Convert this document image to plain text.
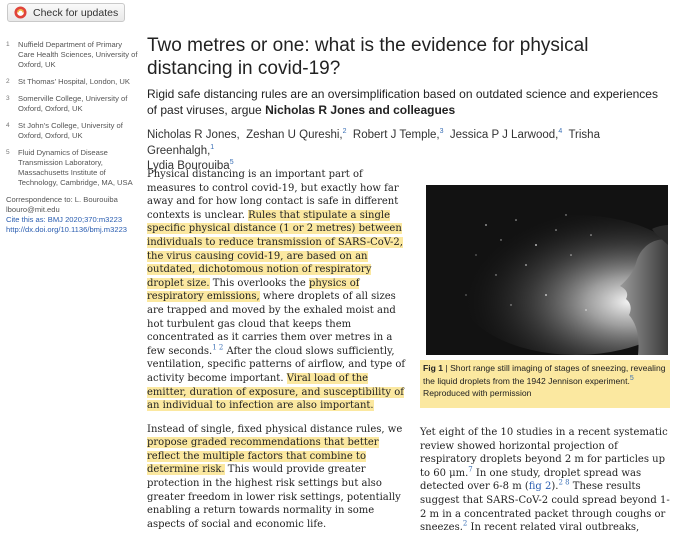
Check for updates
1	Nuffield Department of Primary Care Health Sciences, University of Oxford, UK
2	St Thomas' Hospital, London, UK
3	Somerville College, University of Oxford, Oxford, UK
4	St John's College, University of Oxford, Oxford, UK
5	Fluid Dynamics of Disease Transmission Laboratory, Massachusetts Institute of Technology, Cambridge, MA, USA
Correspondence to: L. Bourouiba lbouro@mit.edu
Cite this as: BMJ 2020;370:m3223
http://dx.doi.org/10.1136/bmj.m3223
Two metres or one: what is the evidence for physical distancing in covid-19?
Rigid safe distancing rules are an oversimplification based on outdated science and experiences of past viruses, argue Nicholas R Jones and colleagues
Nicholas R Jones, Zeshan U Qureshi,$^2$ Robert J Temple,$^3$ Jessica P J Larwood,$^4$ Trisha Greenhalgh,$^1$
Lydia Bourouiba$^5$

Physical distancing is an important part of measures to control covid-19, but exactly how far away and for how long contact is safe in different contexts is unclear. Rules that stipulate a single specific physical distance (1 or 2 metres) between individuals to reduce transmission of SARS-CoV-2, the virus causing covid-19, are based on an outdated, dichotomous notion of respiratory droplet size. This overlooks the physics of respiratory emissions, where droplets of all sizes are trapped and moved by the exhaled moist and hot turbulent gas cloud that keeps them concentrated as it carries them over metres in a few seconds.$^{1 2}$ After the cloud slows sufficiently, ventilation, specific patterns of airflow, and type of activity become important. Viral load of the emitter, duration of exposure, and susceptibility of an individual to infection are also important.

Instead of single, fixed physical distance rules, we propose graded recommendations that better reflect the multiple factors that combine to determine risk. This would provide greater protection in the highest risk settings but also greater freedom in lower risk settings, potentially enabling a return towards normality in some aspects of social and economic life.

Fig 1 | Short range still imaging of stages of sneezing, revealing the liquid droplets from the 1942 Jennison experiment.$^5$
Reproduced with permission

Yet eight of the 10 studies in a recent systematic review showed horizontal projection of respiratory droplets beyond 2 m for particles up to 60 μm.$^7$ In one study, droplet spread was detected over 6-8 m (fig 2).$^{2 8}$ These results suggest that SARS-CoV-2 could spread beyond 1-2 m in a concentrated packet through coughs or sneezes.$^2$ In recent related viral outbreaks,
